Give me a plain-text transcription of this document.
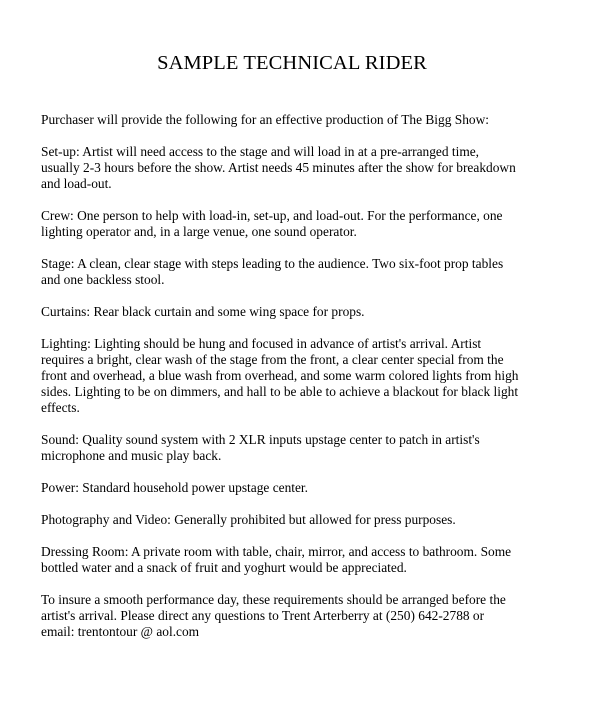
SAMPLE TECHNICAL RIDER

Purchaser will provide the following for an effective production of The Bigg Show:

Set-up: Artist will need access to the stage and will load in at a pre-arranged time,
usually 2-3 hours before the show. Artist needs 45 minutes after the show for breakdown
and load-out.

Crew: One person to help with load-in, set-up, and load-out. For the performance, one
lighting operator and, in a large venue, one sound operator.

Stage: A clean, clear stage with steps leading to the audience. Two six-foot prop tables
and one backless stool.

Curtains: Rear black curtain and some wing space for props.

Lighting: Lighting should be hung and focused in advance of artist's arrival. Artist
requires a bright, clear wash of the stage from the front, a clear center special from the
front and overhead, a blue wash from overhead, and some warm colored lights from high
sides. Lighting to be on dimmers, and hall to be able to achieve a blackout for black light
effects.

Sound: Quality sound system with 2 XLR inputs upstage center to patch in artist's
microphone and music play back.

Power: Standard household power upstage center.

Photography and Video: Generally prohibited but allowed for press purposes.

Dressing Room: A private room with table, chair, mirror, and access to bathroom. Some
bottled water and a snack of fruit and yoghurt would be appreciated.

To insure a smooth performance day, these requirements should be arranged before the
artist's arrival. Please direct any questions to Trent Arterberry at (250) 642-2788 or
email: trentontour @ aol.com
